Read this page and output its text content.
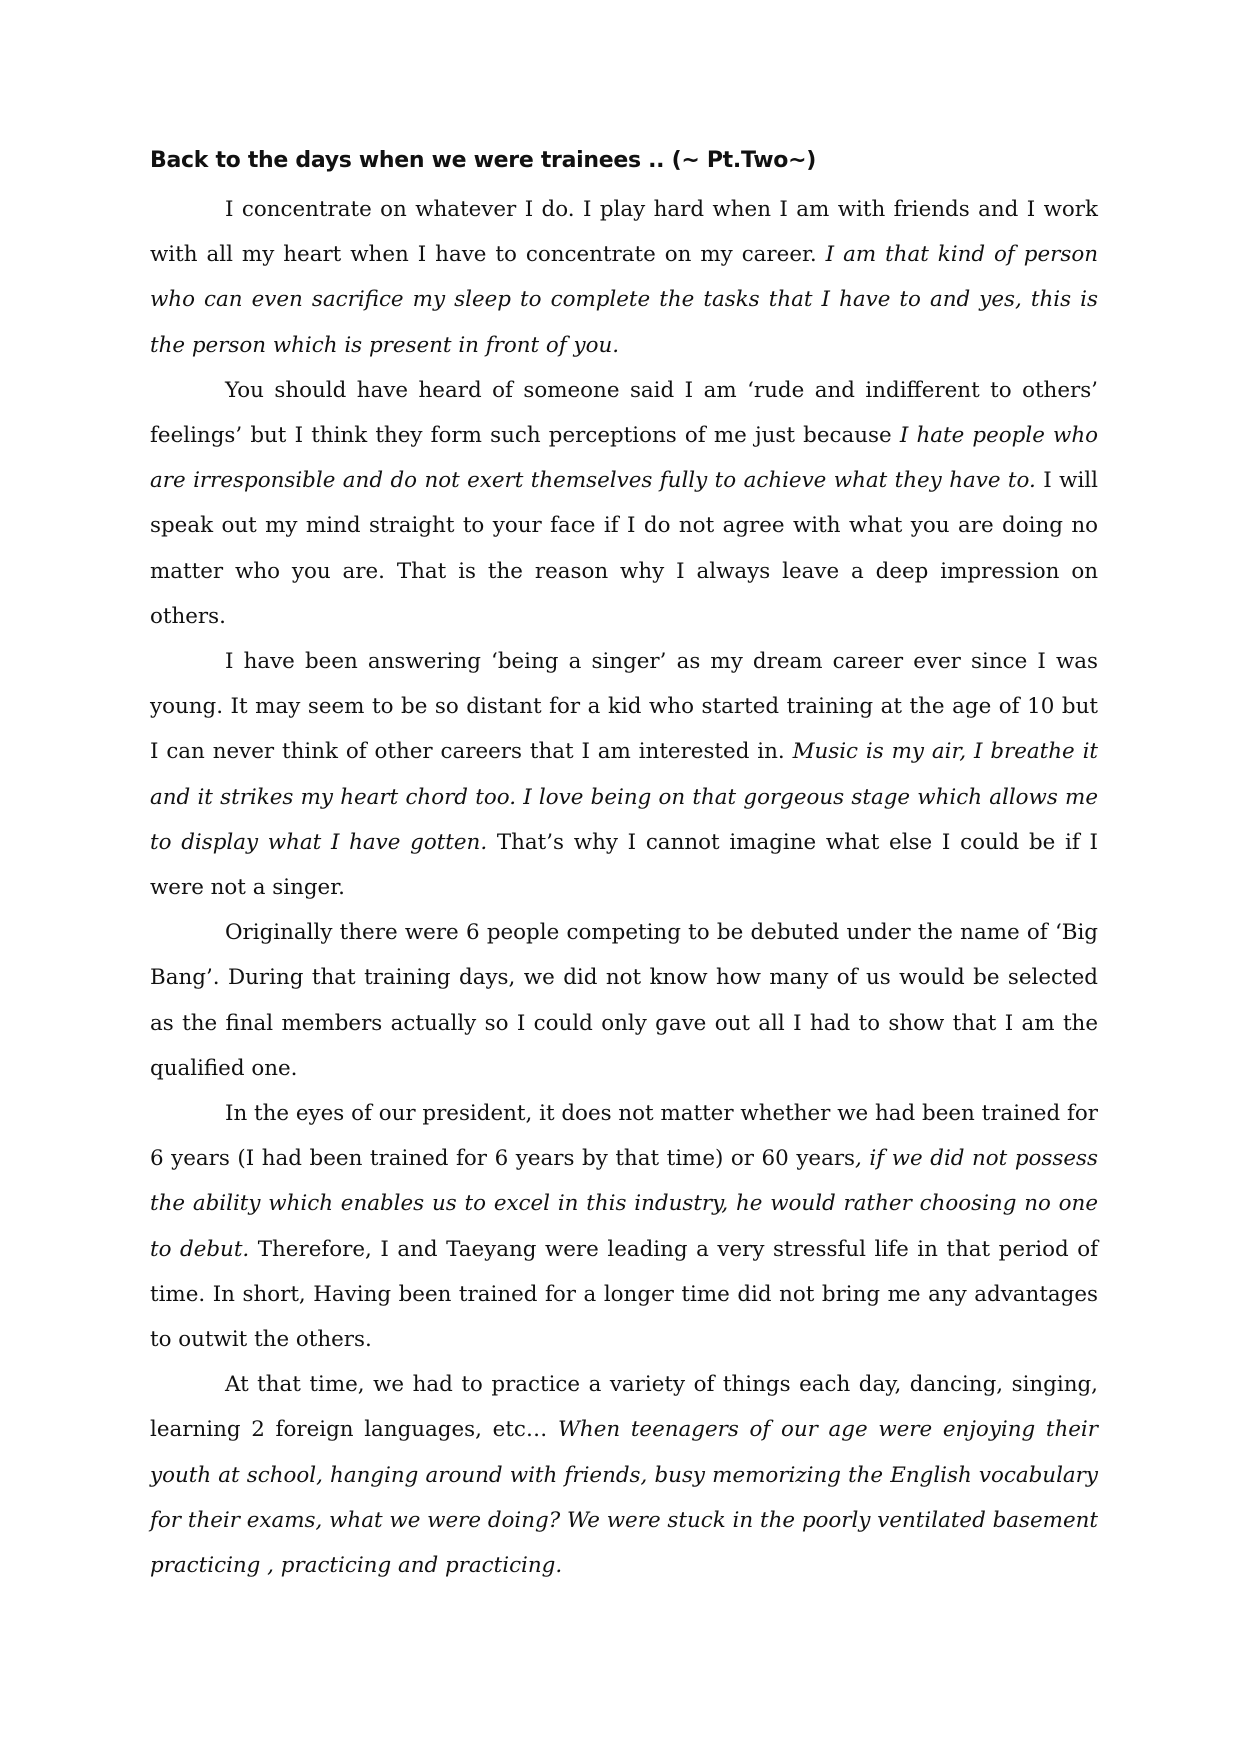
Back to the days when we were trainees .. (~ Pt.Two~)

I concentrate on whatever I do. I play hard when I am with friends and I work with all my heart when I have to concentrate on my career. I am that kind of person who can even sacrifice my sleep to complete the tasks that I have to and yes, this is the person which is present in front of you.

You should have heard of someone said I am ‘rude and indifferent to others’ feelings’ but I think they form such perceptions of me just because I hate people who are irresponsible and do not exert themselves fully to achieve what they have to. I will speak out my mind straight to your face if I do not agree with what you are doing no matter who you are. That is the reason why I always leave a deep impression on others.

I have been answering ‘being a singer’ as my dream career ever since I was young. It may seem to be so distant for a kid who started training at the age of 10 but I can never think of other careers that I am interested in. Music is my air, I breathe it and it strikes my heart chord too. I love being on that gorgeous stage which allows me to display what I have gotten. That’s why I cannot imagine what else I could be if I were not a singer.

Originally there were 6 people competing to be debuted under the name of ‘Big Bang’. During that training days, we did not know how many of us would be selected as the final members actually so I could only gave out all I had to show that I am the qualified one.

In the eyes of our president, it does not matter whether we had been trained for 6 years (I had been trained for 6 years by that time) or 60 years, if we did not possess the ability which enables us to excel in this industry, he would rather choosing no one to debut. Therefore, I and Taeyang were leading a very stressful life in that period of time. In short, Having been trained for a longer time did not bring me any advantages to outwit the others.

At that time, we had to practice a variety of things each day, dancing, singing, learning 2 foreign languages, etc… When teenagers of our age were enjoying their youth at school, hanging around with friends, busy memorizing the English vocabulary for their exams, what we were doing? We were stuck in the poorly ventilated basement practicing , practicing and practicing.
